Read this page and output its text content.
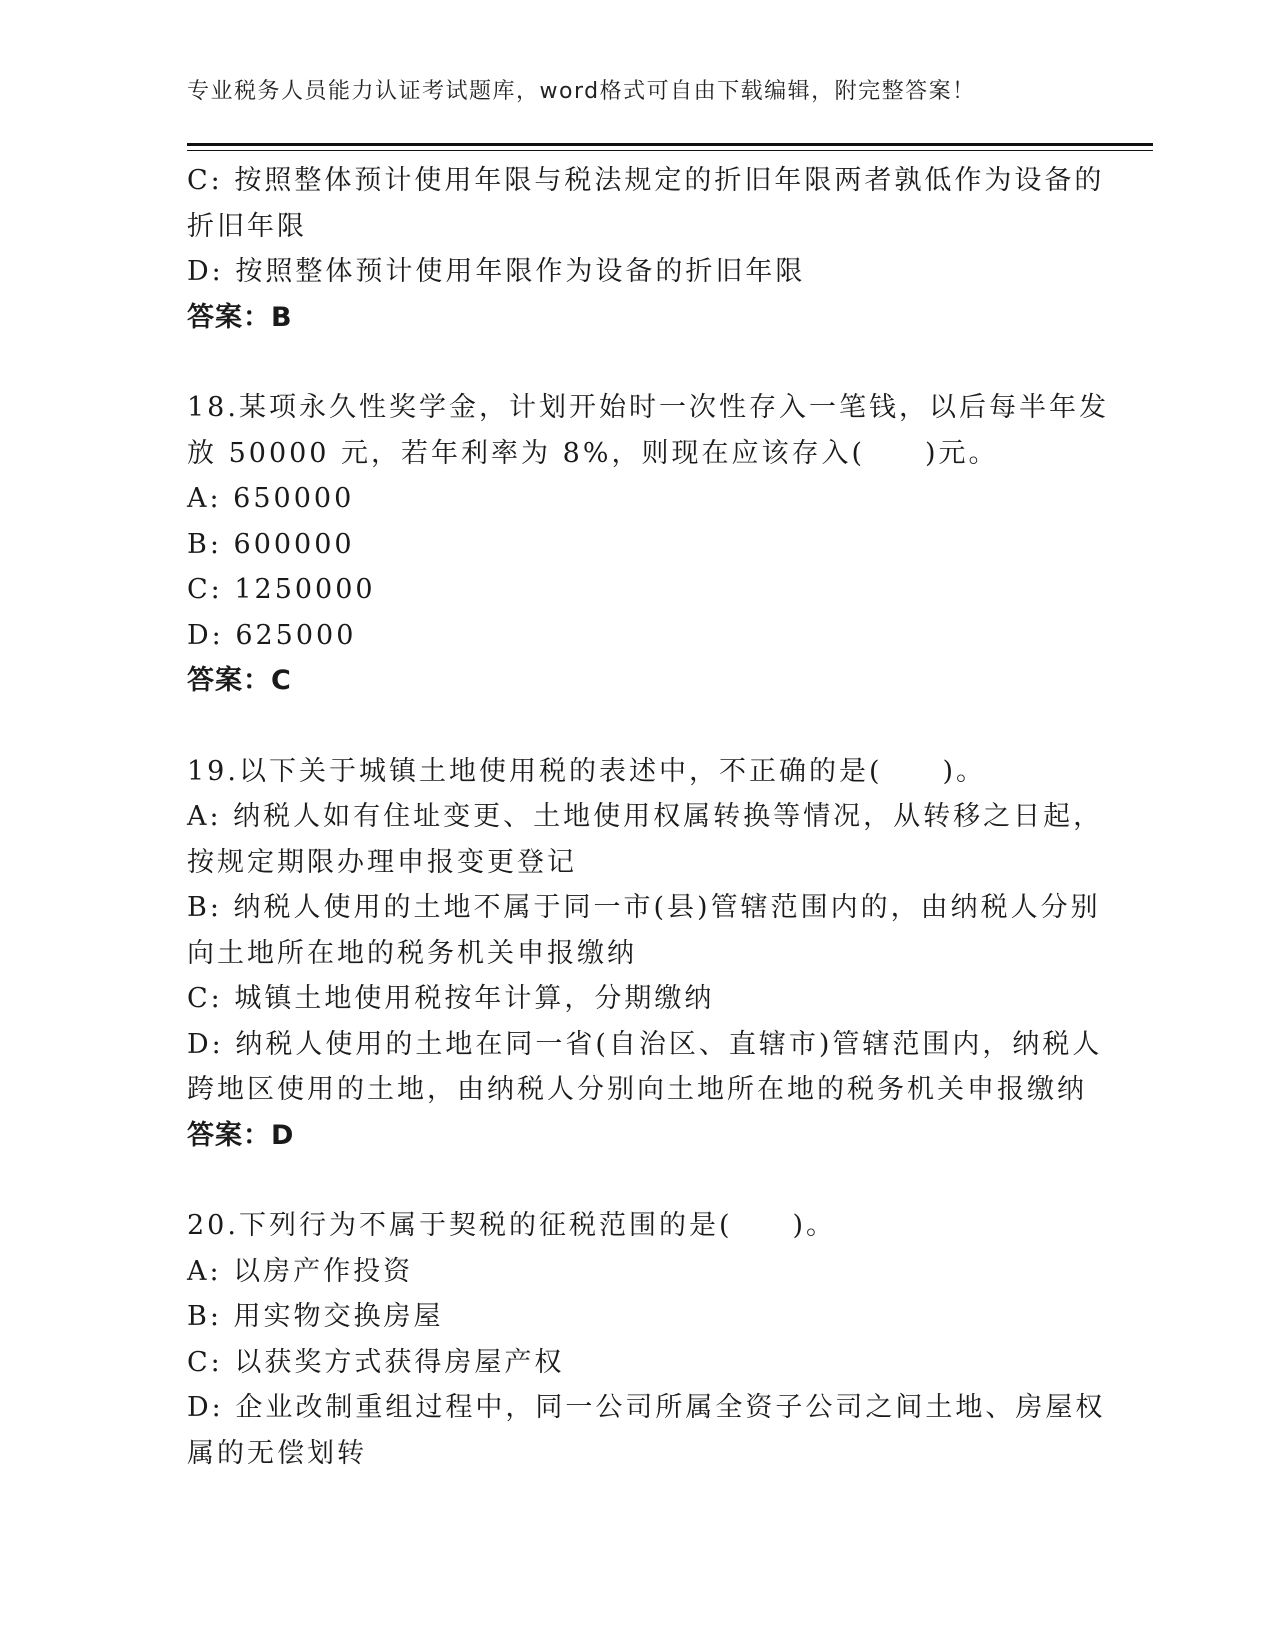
专业税务人员能力认证考试题库，word格式可自由下载编辑，附完整答案！
C: 按照整体预计使用年限与税法规定的折旧年限两者孰低作为设备的
折旧年限
D: 按照整体预计使用年限作为设备的折旧年限
答案：B
18.某项永久性奖学金，计划开始时一次性存入一笔钱，以后每半年发
放 50000 元，若年利率为 8%，则现在应该存入(　　)元。
A: 650000
B: 600000
C: 1250000
D: 625000
答案：C
19.以下关于城镇土地使用税的表述中，不正确的是(　　)。
A: 纳税人如有住址变更、土地使用权属转换等情况，从转移之日起，
按规定期限办理申报变更登记
B: 纳税人使用的土地不属于同一市(县)管辖范围内的，由纳税人分别
向土地所在地的税务机关申报缴纳
C: 城镇土地使用税按年计算，分期缴纳
D: 纳税人使用的土地在同一省(自治区、直辖市)管辖范围内，纳税人
跨地区使用的土地，由纳税人分别向土地所在地的税务机关申报缴纳
答案：D
20.下列行为不属于契税的征税范围的是(　　)。
A: 以房产作投资
B: 用实物交换房屋
C: 以获奖方式获得房屋产权
D: 企业改制重组过程中，同一公司所属全资子公司之间土地、房屋权
属的无偿划转
